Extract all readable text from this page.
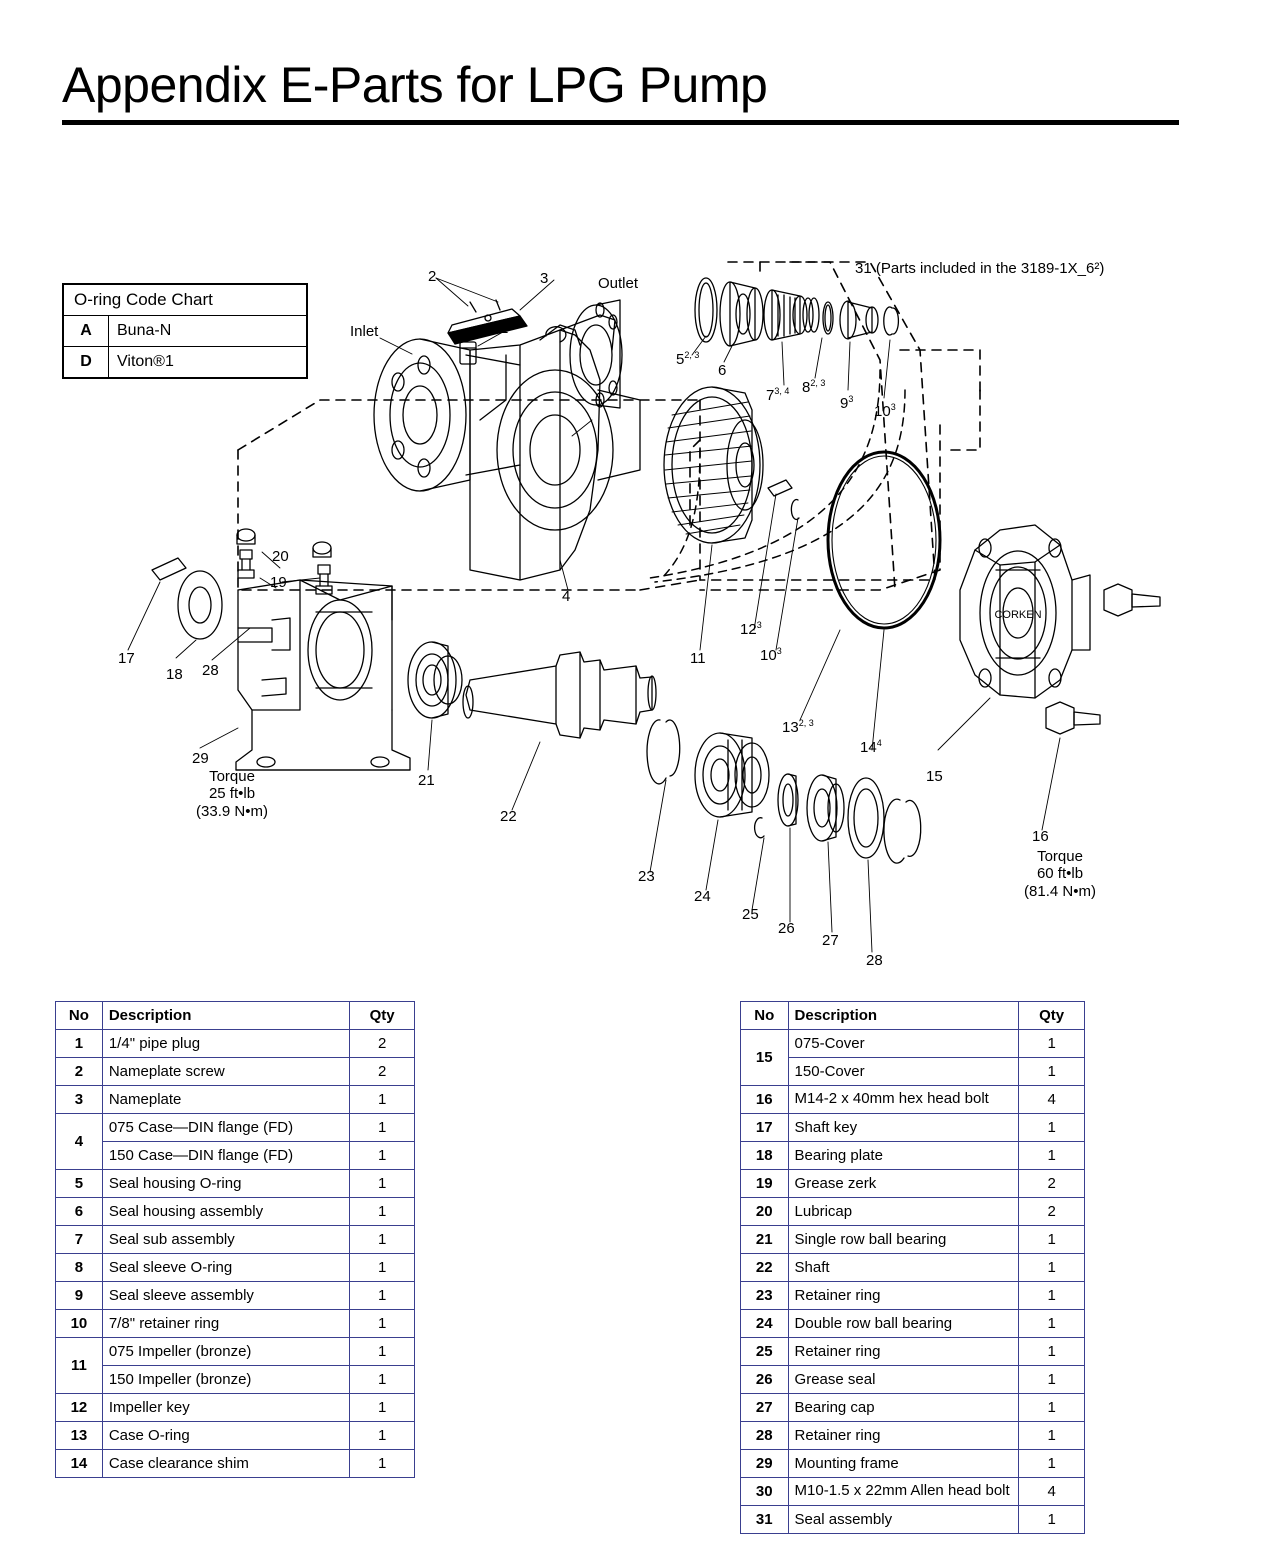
Appendix E-Parts for LPG Pump
O-ring Code Chart	
A	Buna-N
D	Viton®1
CORKEN
31 (Parts included in the 3189-1X_6²)
Inlet
Outlet
2	3
1
4
5$^{2, 3}$
6
7$^{3, 4}$ 8$^{2, 3}$
$9^3$
$10^3$
11
$12^3$
$10^3$
13$^{2, 3}$
$14^4$
15
16
17
18
19
20
28
29
21
22
23
24
25
26
27
28
Torque
25 ft•lb
(33.9 N•m)
Torque
60 ft•lb
(81.4 N•m)
No	Description	Qty
1	1/4" pipe plug	2
2	Nameplate screw	2
3	Nameplate	1
4	075 Case—DIN flange (FD)	1
	150 Case—DIN flange (FD)	1
5	Seal housing O-ring	1
6	Seal housing assembly	1
7	Seal sub assembly	1
8	Seal sleeve O-ring	1
9	Seal sleeve assembly	1
10	7/8" retainer ring	1
11	075 Impeller (bronze)	1
	150 Impeller (bronze)	1
12	Impeller key	1
13	Case O-ring	1
14	Case clearance shim	1
No	Description	Qty
15	075-Cover	1
	150-Cover	1
16	M14-2 x 40mm hex head bolt	4
17	Shaft key	1
18	Bearing plate	1
19	Grease zerk	2
20	Lubricap	2
21	Single row ball bearing	1
22	Shaft	1
23	Retainer ring	1
24	Double row ball bearing	1
25	Retainer ring	1
26	Grease seal	1
27	Bearing cap	1
28	Retainer ring	1
29	Mounting frame	1
30	M10-1.5 x 22mm Allen head bolt	4
31	Seal assembly	1
